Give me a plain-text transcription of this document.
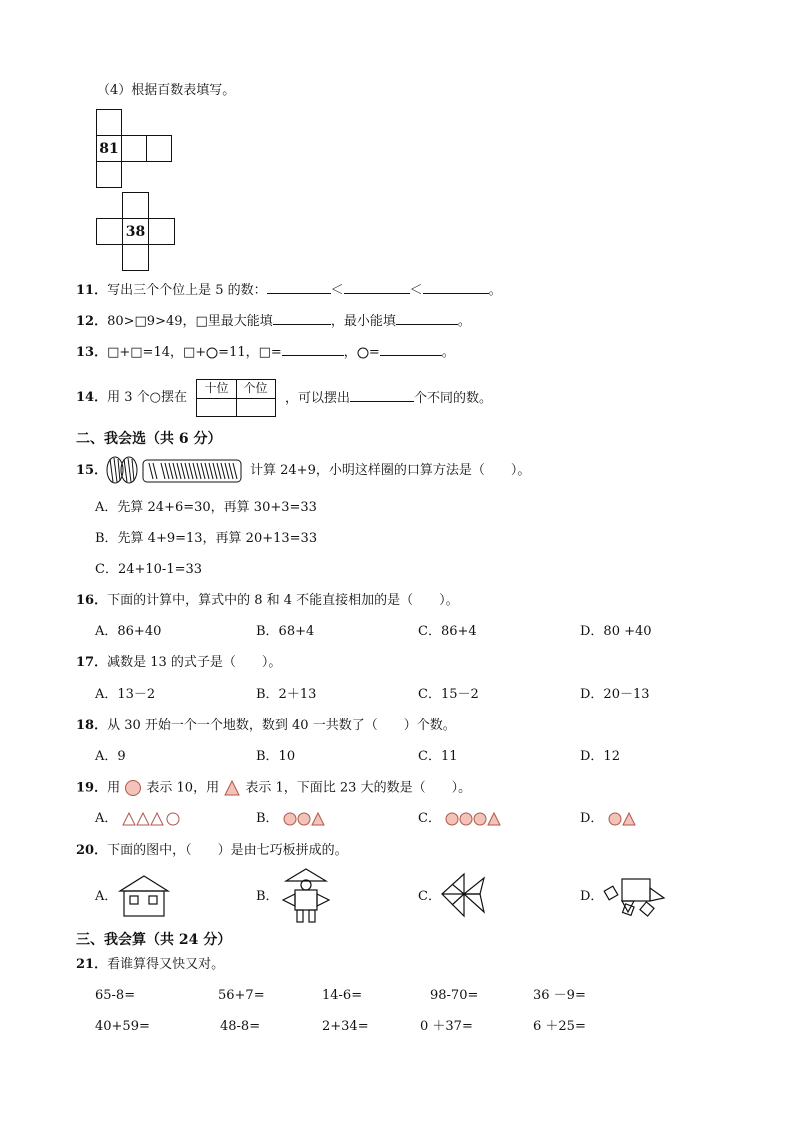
（4）根据百数表填写。
81
38
11．写出三个个位上是 5 的数：	＜	＜	。
12．80>□9>49，□里最大能填	，最小能填	。
13．□+□=14，□+ =11，□=	， =	。
14．用 3 个○摆在
十位	个位
，可以摆出	个不同的数。
二、我会选（共 6 分）
15．	计算 24+9，小明这样圈的口算方法是（　　）。
A．先算 24+6=30，再算 30+3=33
B．先算 4+9=13，再算 20+13=33
C．24+10-1=33
16．下面的计算中，算式中的 8 和 4 不能直接相加的是（　　）。
A．86+40	B．68+4	C．86+4	D．80 +40
17．减数是 13 的式子是（　　）。
A．13－2	B．2＋13	C．15－2	D．20－13
18．从 30 开始一个一个地数，数到 40 一共数了（　　）个数。
A．9	B．10	C．11	D．12
19．用 表示 10，用 表示 1，下面比 23 大的数是（　　）。
A．	B．	C．	D．
20．下面的图中，（　　）是由七巧板拼成的。
A．	B．	C．	D．
三、我会算（共 24 分）
21．看谁算得又快又对。
65-8=	56+7=	14-6=	98-70=	36 －9=
40+59=	48-8=	2+34=	0 ＋37=	6 ＋25=
